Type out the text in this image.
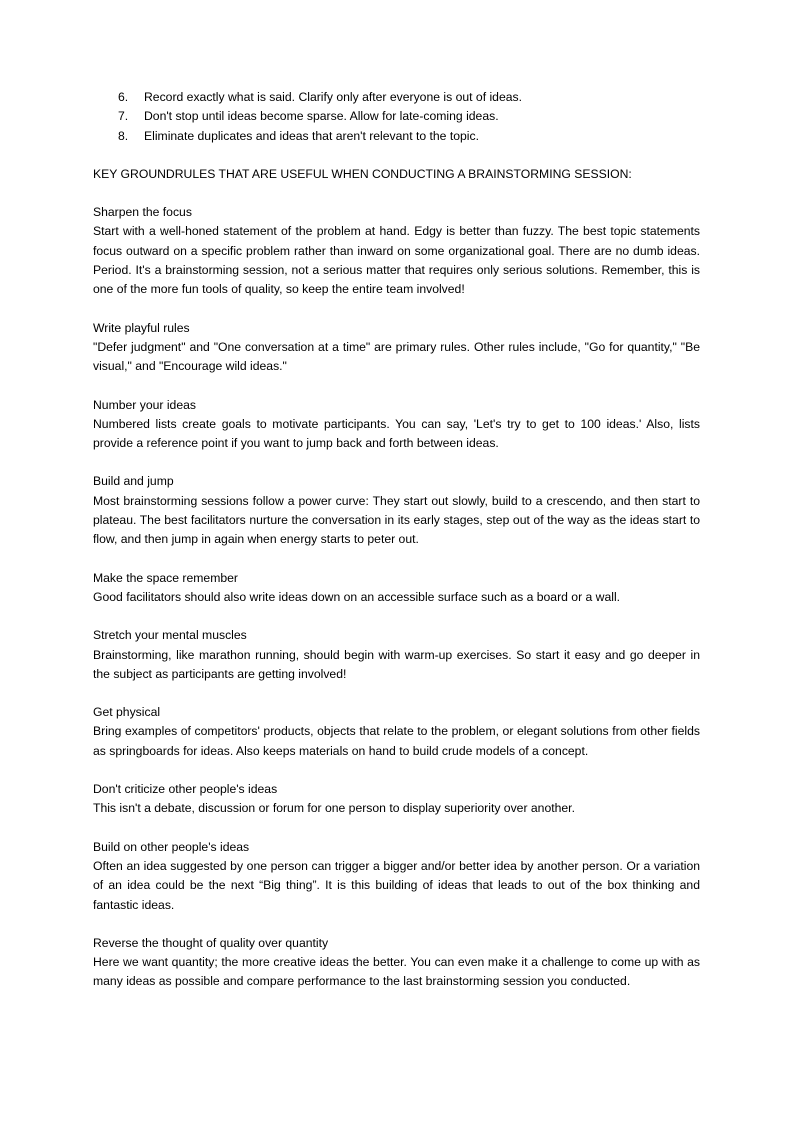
6.	Record exactly what is said. Clarify only after everyone is out of ideas.
7.	Don't stop until ideas become sparse. Allow for late-coming ideas.
8.	Eliminate duplicates and ideas that aren't relevant to the topic.
KEY GROUNDRULES THAT ARE USEFUL WHEN CONDUCTING A BRAINSTORMING SESSION:
Sharpen the focus

Start with a well-honed statement of the problem at hand. Edgy is better than fuzzy. The best topic statements focus outward on a specific problem rather than inward on some organizational goal. There are no dumb ideas. Period. It's a brainstorming session, not a serious matter that requires only serious solutions. Remember, this is one of the more fun tools of quality, so keep the entire team involved!

Write playful rules

"Defer judgment" and "One conversation at a time" are primary rules. Other rules include, "Go for quantity," "Be visual," and "Encourage wild ideas."

Number your ideas

Numbered lists create goals to motivate participants. You can say, 'Let's try to get to 100 ideas.' Also, lists provide a reference point if you want to jump back and forth between ideas.

Build and jump

Most brainstorming sessions follow a power curve: They start out slowly, build to a crescendo, and then start to plateau. The best facilitators nurture the conversation in its early stages, step out of the way as the ideas start to flow, and then jump in again when energy starts to peter out.

Make the space remember

Good facilitators should also write ideas down on an accessible surface such as a board or a wall.

Stretch your mental muscles

Brainstorming, like marathon running, should begin with warm-up exercises. So start it easy and go deeper in the subject as participants are getting involved!

Get physical

Bring examples of competitors' products, objects that relate to the problem, or elegant solutions from other fields as springboards for ideas. Also keeps materials on hand to build crude models of a concept.

Don't criticize other people's ideas

This isn't a debate, discussion or forum for one person to display superiority over another.

Build on other people's ideas

Often an idea suggested by one person can trigger a bigger and/or better idea by another person. Or a variation of an idea could be the next “Big thing”. It is this building of ideas that leads to out of the box thinking and fantastic ideas.

Reverse the thought of quality over quantity

Here we want quantity; the more creative ideas the better. You can even make it a challenge to come up with as many ideas as possible and compare performance to the last brainstorming session you conducted.
